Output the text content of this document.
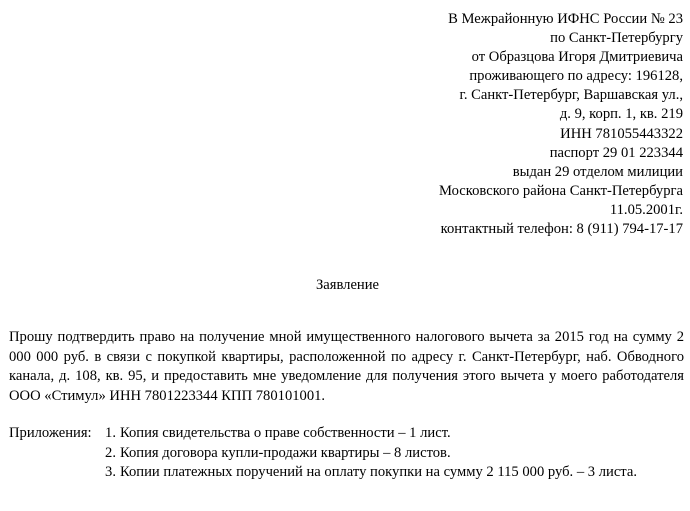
В Межрайонную ИФНС России № 23
по Санкт-Петербургу
от Образцова Игоря Дмитриевича
проживающего по адресу: 196128,
г. Санкт-Петербург, Варшавская ул.,
д. 9, корп. 1, кв. 219
ИНН 781055443322
паспорт 29 01 223344
выдан 29 отделом милиции
Московского района Санкт-Петербурга
11.05.2001г.
контактный телефон: 8 (911) 794-17-17
Заявление
Прошу подтвердить право на получение мной имущественного налогового вычета за 2015 год на сумму 2 000 000 руб. в связи с покупкой квартиры, расположенной по адресу г. Санкт-Петербург, наб. Обводного канала, д. 108, кв. 95, и предоставить мне уведомление для получения этого вычета у моего работодателя ООО «Стимул» ИНН 7801223344 КПП 780101001.
Приложения: 1. Копия свидетельства о праве собственности – 1 лист.
2. Копия договора купли-продажи квартиры – 8 листов.
3. Копии платежных поручений на оплату покупки на сумму 2 115 000 руб. – 3 листа.
